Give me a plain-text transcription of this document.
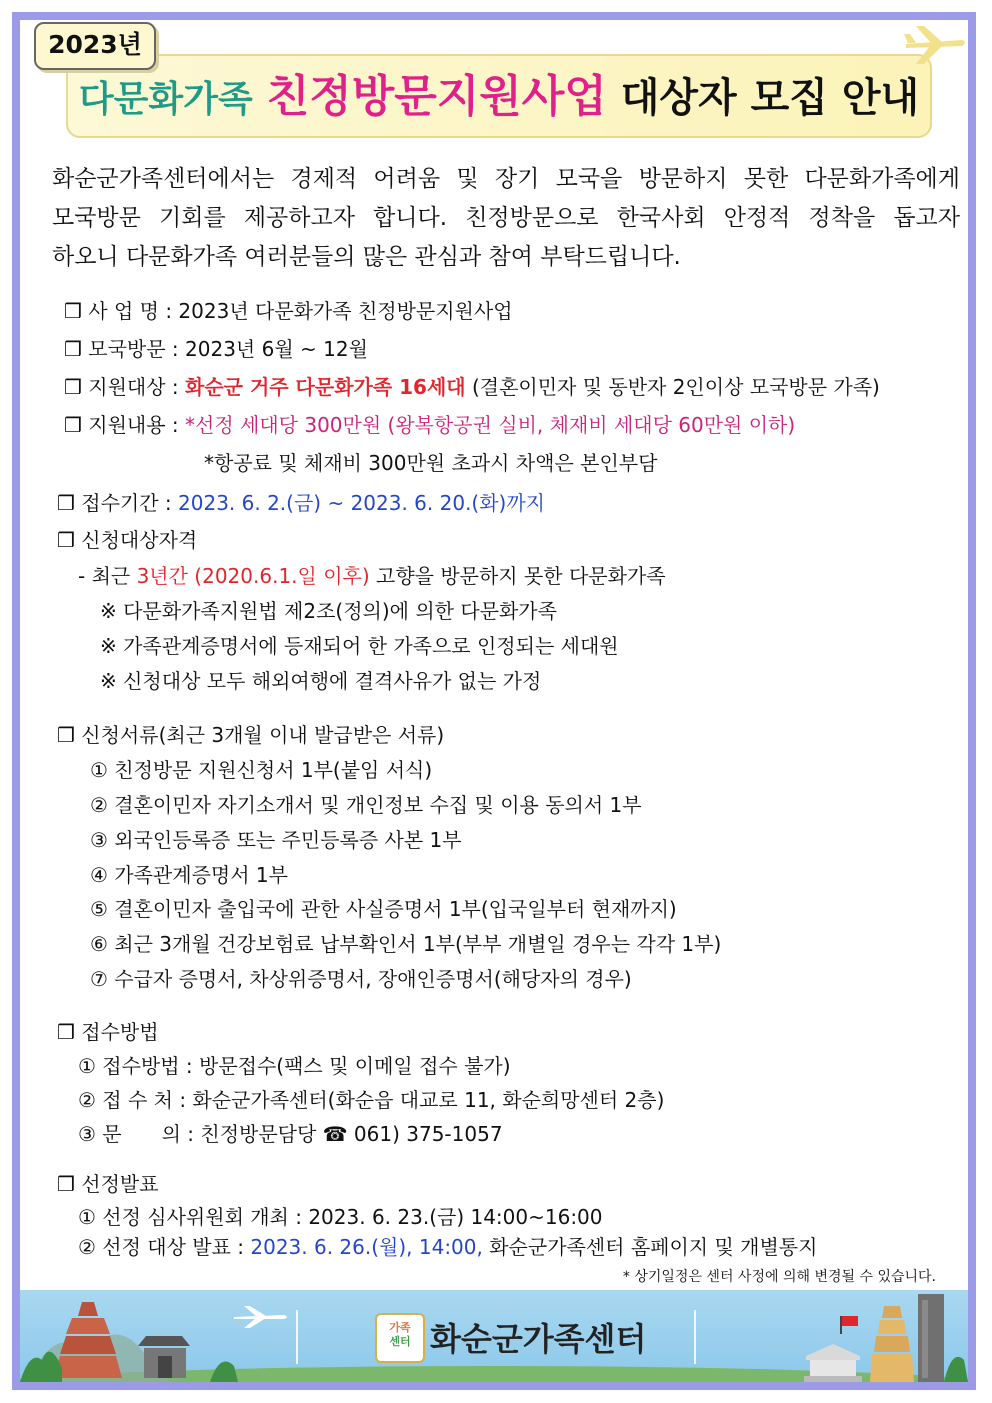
2023년
다문화가족 친정방문지원사업 대상자 모집 안내
화순군가족센터에서는 경제적 어려움 및 장기 모국을 방문하지 못한 다문화가족에게
모국방문 기회를 제공하고자 합니다. 친정방문으로 한국사회 안정적 정착을 돕고자
하오니 다문화가족 여러분들의 많은 관심과 참여 부탁드립니다.
❒ 사 업 명 : 2023년 다문화가족 친정방문지원사업
❒ 모국방문 : 2023년 6월 ~ 12월
❒ 지원대상 : 화순군 거주 다문화가족 16세대 (결혼이민자 및 동반자 2인이상 모국방문 가족)
❒ 지원내용 : *선정 세대당 300만원 (왕복항공권 실비, 체재비 세대당 60만원 이하)
*항공료 및 체재비 300만원 초과시 차액은 본인부담
❒ 접수기간 : 2023. 6. 2.(금) ~ 2023. 6. 20.(화)까지
❒ 신청대상자격
- 최근 3년간 (2020.6.1.일 이후) 고향을 방문하지 못한 다문화가족
※ 다문화가족지원법 제2조(정의)에 의한 다문화가족
※ 가족관계증명서에 등재되어 한 가족으로 인정되는 세대원
※ 신청대상 모두 해외여행에 결격사유가 없는 가정
❒ 신청서류(최근 3개월 이내 발급받은 서류)
① 친정방문 지원신청서 1부(붙임 서식)
② 결혼이민자 자기소개서 및 개인정보 수집 및 이용 동의서 1부
③ 외국인등록증 또는 주민등록증 사본 1부
④ 가족관계증명서 1부
⑤ 결혼이민자 출입국에 관한 사실증명서 1부(입국일부터 현재까지)
⑥ 최근 3개월 건강보험료 납부확인서 1부(부부 개별일 경우는 각각 1부)
⑦ 수급자 증명서, 차상위증명서, 장애인증명서(해당자의 경우)
❒ 접수방법
① 접수방법 : 방문접수(팩스 및 이메일 접수 불가)
② 접 수 처 : 화순군가족센터(화순읍 대교로 11, 화순희망센터 2층)
③ 문　　의 : 친정방문담당 ☎ 061) 375-1057
❒ 선정발표
① 선정 심사위원회 개최 : 2023. 6. 23.(금) 14:00~16:00
② 선정 대상 발표 : 2023. 6. 26.(월), 14:00, 화순군가족센터 홈페이지 및 개별통지
* 상기일정은 센터 사정에 의해 변경될 수 있습니다.
가족
센터 화순군가족센터
